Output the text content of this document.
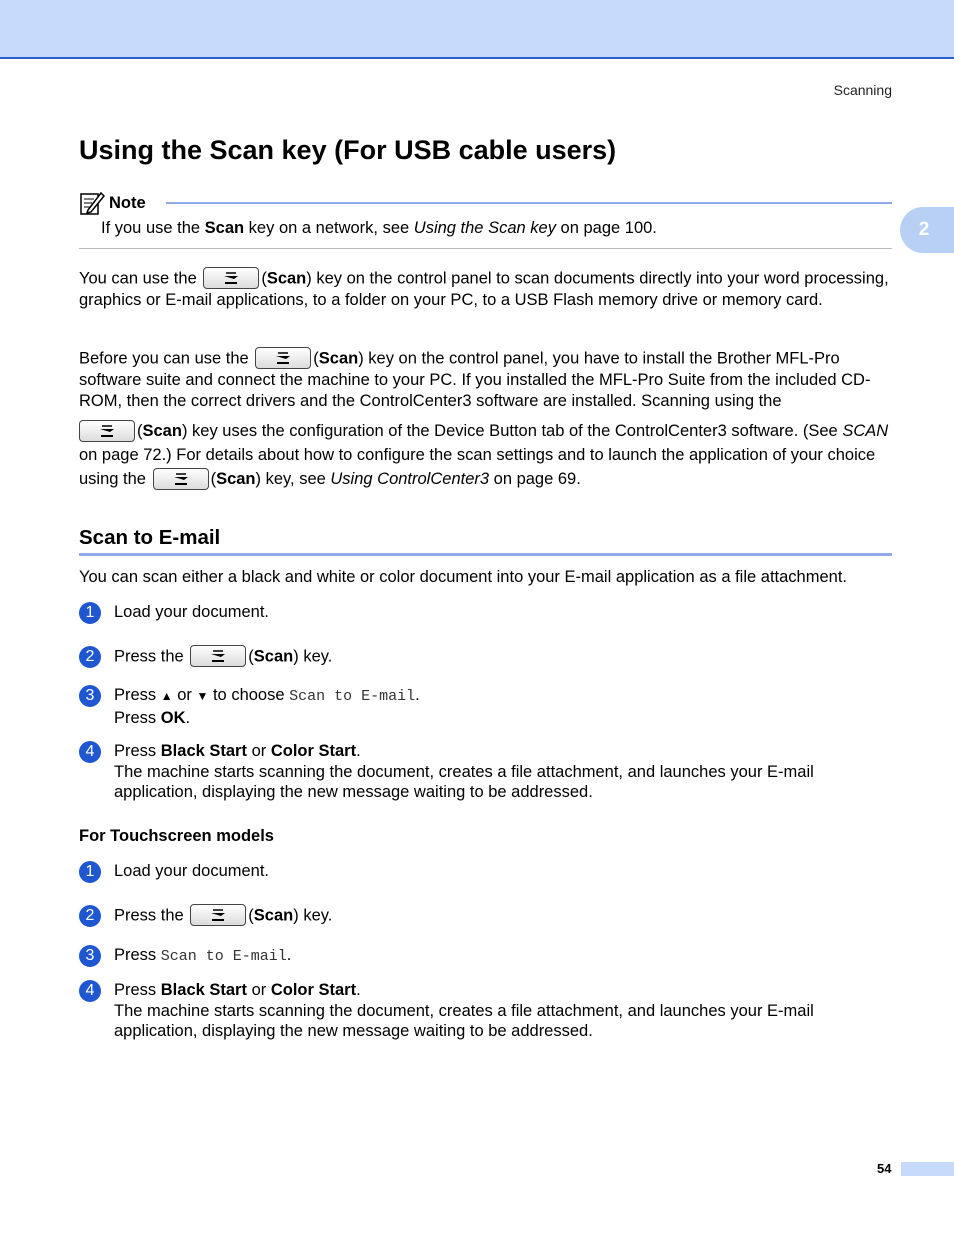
Scanning
2
Using the Scan key (For USB cable users)
Note

If you use the Scan key on a network, see Using the Scan key on page 100.

You can use the	(Scan) key on the control panel to scan documents directly into your word processing, graphics or E-mail applications, to a folder on your PC, to a USB Flash memory drive or memory card.

Before you can use the	(Scan) key on the control panel, you have to install the Brother MFL-Pro software suite and connect the machine to your PC. If you installed the MFL-Pro Suite from the included CD-ROM, then the correct drivers and the ControlCenter3 software are installed. Scanning using the

(Scan) key uses the configuration of the Device Button tab of the ControlCenter3 software. (See SCAN on page 72.) For details about how to configure the scan settings and to launch the application of your choice using the	(Scan) key, see Using ControlCenter3 on page 69.

Scan to E-mail

You can scan either a black and white or color document into your E-mail application as a file attachment.

1	Load your document.

2	Press the	(Scan) key.

3	Press ▲ or ▼ to choose Scan to E-mail.
Press OK.

4	Press Black Start or Color Start.
The machine starts scanning the document, creates a file attachment, and launches your E-mail application, displaying the new message waiting to be addressed.

For Touchscreen models
1	Load your document.

2	Press the	(Scan) key.

3	Press Scan to E-mail.

4	Press Black Start or Color Start.
The machine starts scanning the document, creates a file attachment, and launches your E-mail application, displaying the new message waiting to be addressed.

54
